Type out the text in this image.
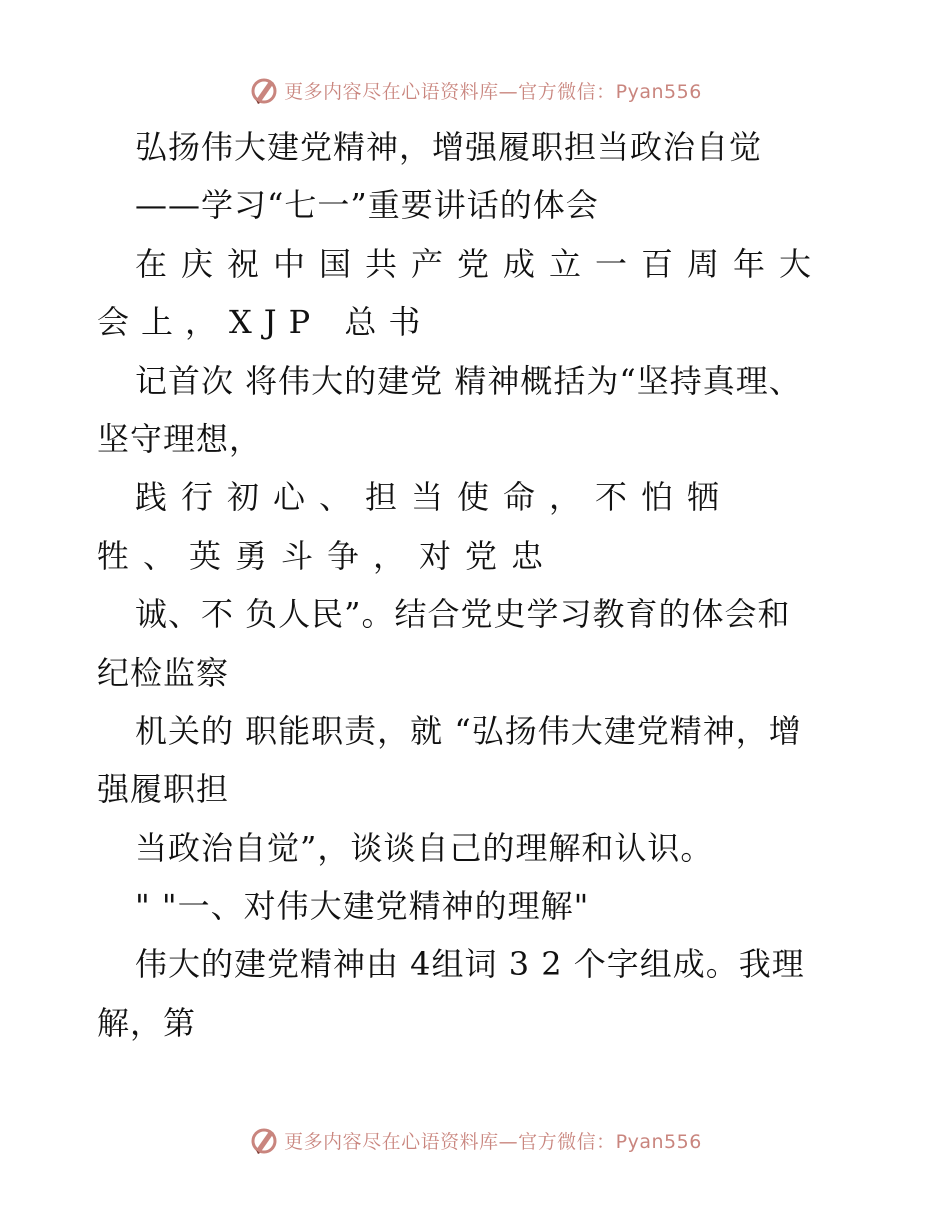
更多内容尽在心语资料库—官方微信：Pyan556
弘扬伟大建党精神，增强履职担当政治自觉
——学习“七一”重要讲话的体会
在庆祝中国共产党成立一百周年大
会上，XJP 总书
记首次 将伟大的建党 精神概括为“坚持真理、
坚守理想，
践行初心、担当使命，不怕牺
牲、英勇斗争，对党忠
诚、不 负人民”。结合党史学习教育的体会和
纪检监察
机关的 职能职责，就 “弘扬伟大建党精神，增
强履职担
当政治自觉”，谈谈自己的理解和认识。
" "一、对伟大建党精神的理解"
伟大的建党精神由 4组词 3 2 个字组成。我理
解，第
更多内容尽在心语资料库—官方微信：Pyan556
